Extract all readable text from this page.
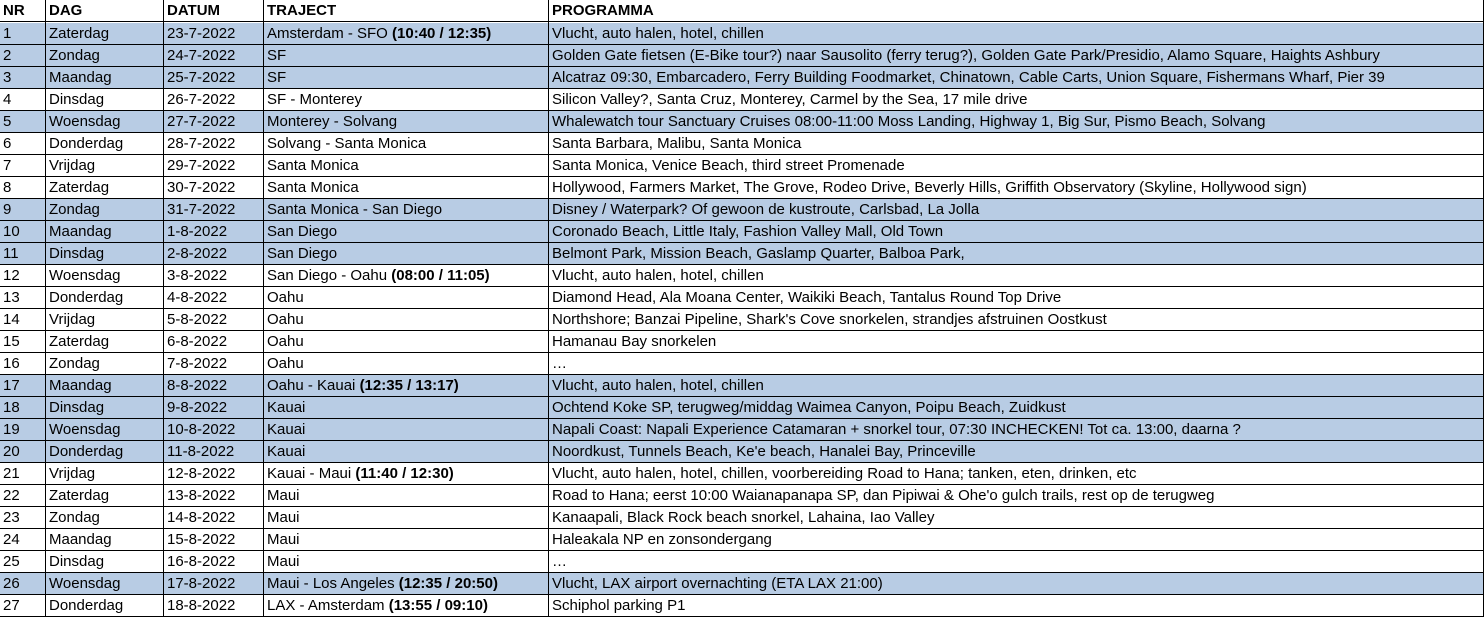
NR	DAG	DATUM	TRAJECT	PROGRAMMA
1	Zaterdag	23-7-2022	Amsterdam - SFO (10:40 / 12:35)	Vlucht, auto halen, hotel, chillen
2	Zondag	24-7-2022	SF	Golden Gate fietsen (E-Bike tour?) naar Sausolito (ferry terug?), Golden Gate Park/Presidio, Alamo Square, Haights Ashbury
3	Maandag	25-7-2022	SF	Alcatraz 09:30, Embarcadero, Ferry Building Foodmarket, Chinatown, Cable Carts, Union Square, Fishermans Wharf, Pier 39
4	Dinsdag	26-7-2022	SF - Monterey	Silicon Valley?, Santa Cruz, Monterey, Carmel by the Sea, 17 mile drive
5	Woensdag	27-7-2022	Monterey - Solvang	Whalewatch tour Sanctuary Cruises 08:00-11:00 Moss Landing, Highway 1, Big Sur, Pismo Beach, Solvang
6	Donderdag	28-7-2022	Solvang - Santa Monica	Santa Barbara, Malibu, Santa Monica
7	Vrijdag	29-7-2022	Santa Monica	Santa Monica, Venice Beach, third street Promenade
8	Zaterdag	30-7-2022	Santa Monica	Hollywood, Farmers Market, The Grove, Rodeo Drive, Beverly Hills, Griffith Observatory (Skyline, Hollywood sign)
9	Zondag	31-7-2022	Santa Monica - San Diego	Disney / Waterpark? Of gewoon de kustroute, Carlsbad, La Jolla
10	Maandag	1-8-2022	San Diego	Coronado Beach, Little Italy, Fashion Valley Mall, Old Town
11	Dinsdag	2-8-2022	San Diego	Belmont Park, Mission Beach, Gaslamp Quarter, Balboa Park,
12	Woensdag	3-8-2022	San Diego - Oahu (08:00 / 11:05)	Vlucht, auto halen, hotel, chillen
13	Donderdag	4-8-2022	Oahu	Diamond Head, Ala Moana Center, Waikiki Beach, Tantalus Round Top Drive
14	Vrijdag	5-8-2022	Oahu	Northshore; Banzai Pipeline, Shark's Cove snorkelen, strandjes afstruinen Oostkust
15	Zaterdag	6-8-2022	Oahu	Hamanau Bay snorkelen
16	Zondag	7-8-2022	Oahu	…
17	Maandag	8-8-2022	Oahu - Kauai (12:35 / 13:17)	Vlucht, auto halen, hotel, chillen
18	Dinsdag	9-8-2022	Kauai	Ochtend Koke SP, terugweg/middag Waimea Canyon, Poipu Beach, Zuidkust
19	Woensdag	10-8-2022	Kauai	Napali Coast: Napali Experience Catamaran + snorkel tour, 07:30 INCHECKEN! Tot ca. 13:00, daarna ?
20	Donderdag	11-8-2022	Kauai	Noordkust, Tunnels Beach, Ke'e beach, Hanalei Bay, Princeville
21	Vrijdag	12-8-2022	Kauai - Maui (11:40 / 12:30)	Vlucht, auto halen, hotel, chillen, voorbereiding Road to Hana; tanken, eten, drinken, etc
22	Zaterdag	13-8-2022	Maui	Road to Hana; eerst 10:00 Waianapanapa SP, dan Pipiwai & Ohe'o gulch trails, rest op de terugweg
23	Zondag	14-8-2022	Maui	Kanaapali, Black Rock beach snorkel, Lahaina, Iao Valley
24	Maandag	15-8-2022	Maui	Haleakala NP en zonsondergang
25	Dinsdag	16-8-2022	Maui	…
26	Woensdag	17-8-2022	Maui - Los Angeles (12:35 / 20:50)	Vlucht, LAX airport overnachting (ETA LAX 21:00)
27	Donderdag	18-8-2022	LAX - Amsterdam (13:55 / 09:10)	Schiphol parking P1
